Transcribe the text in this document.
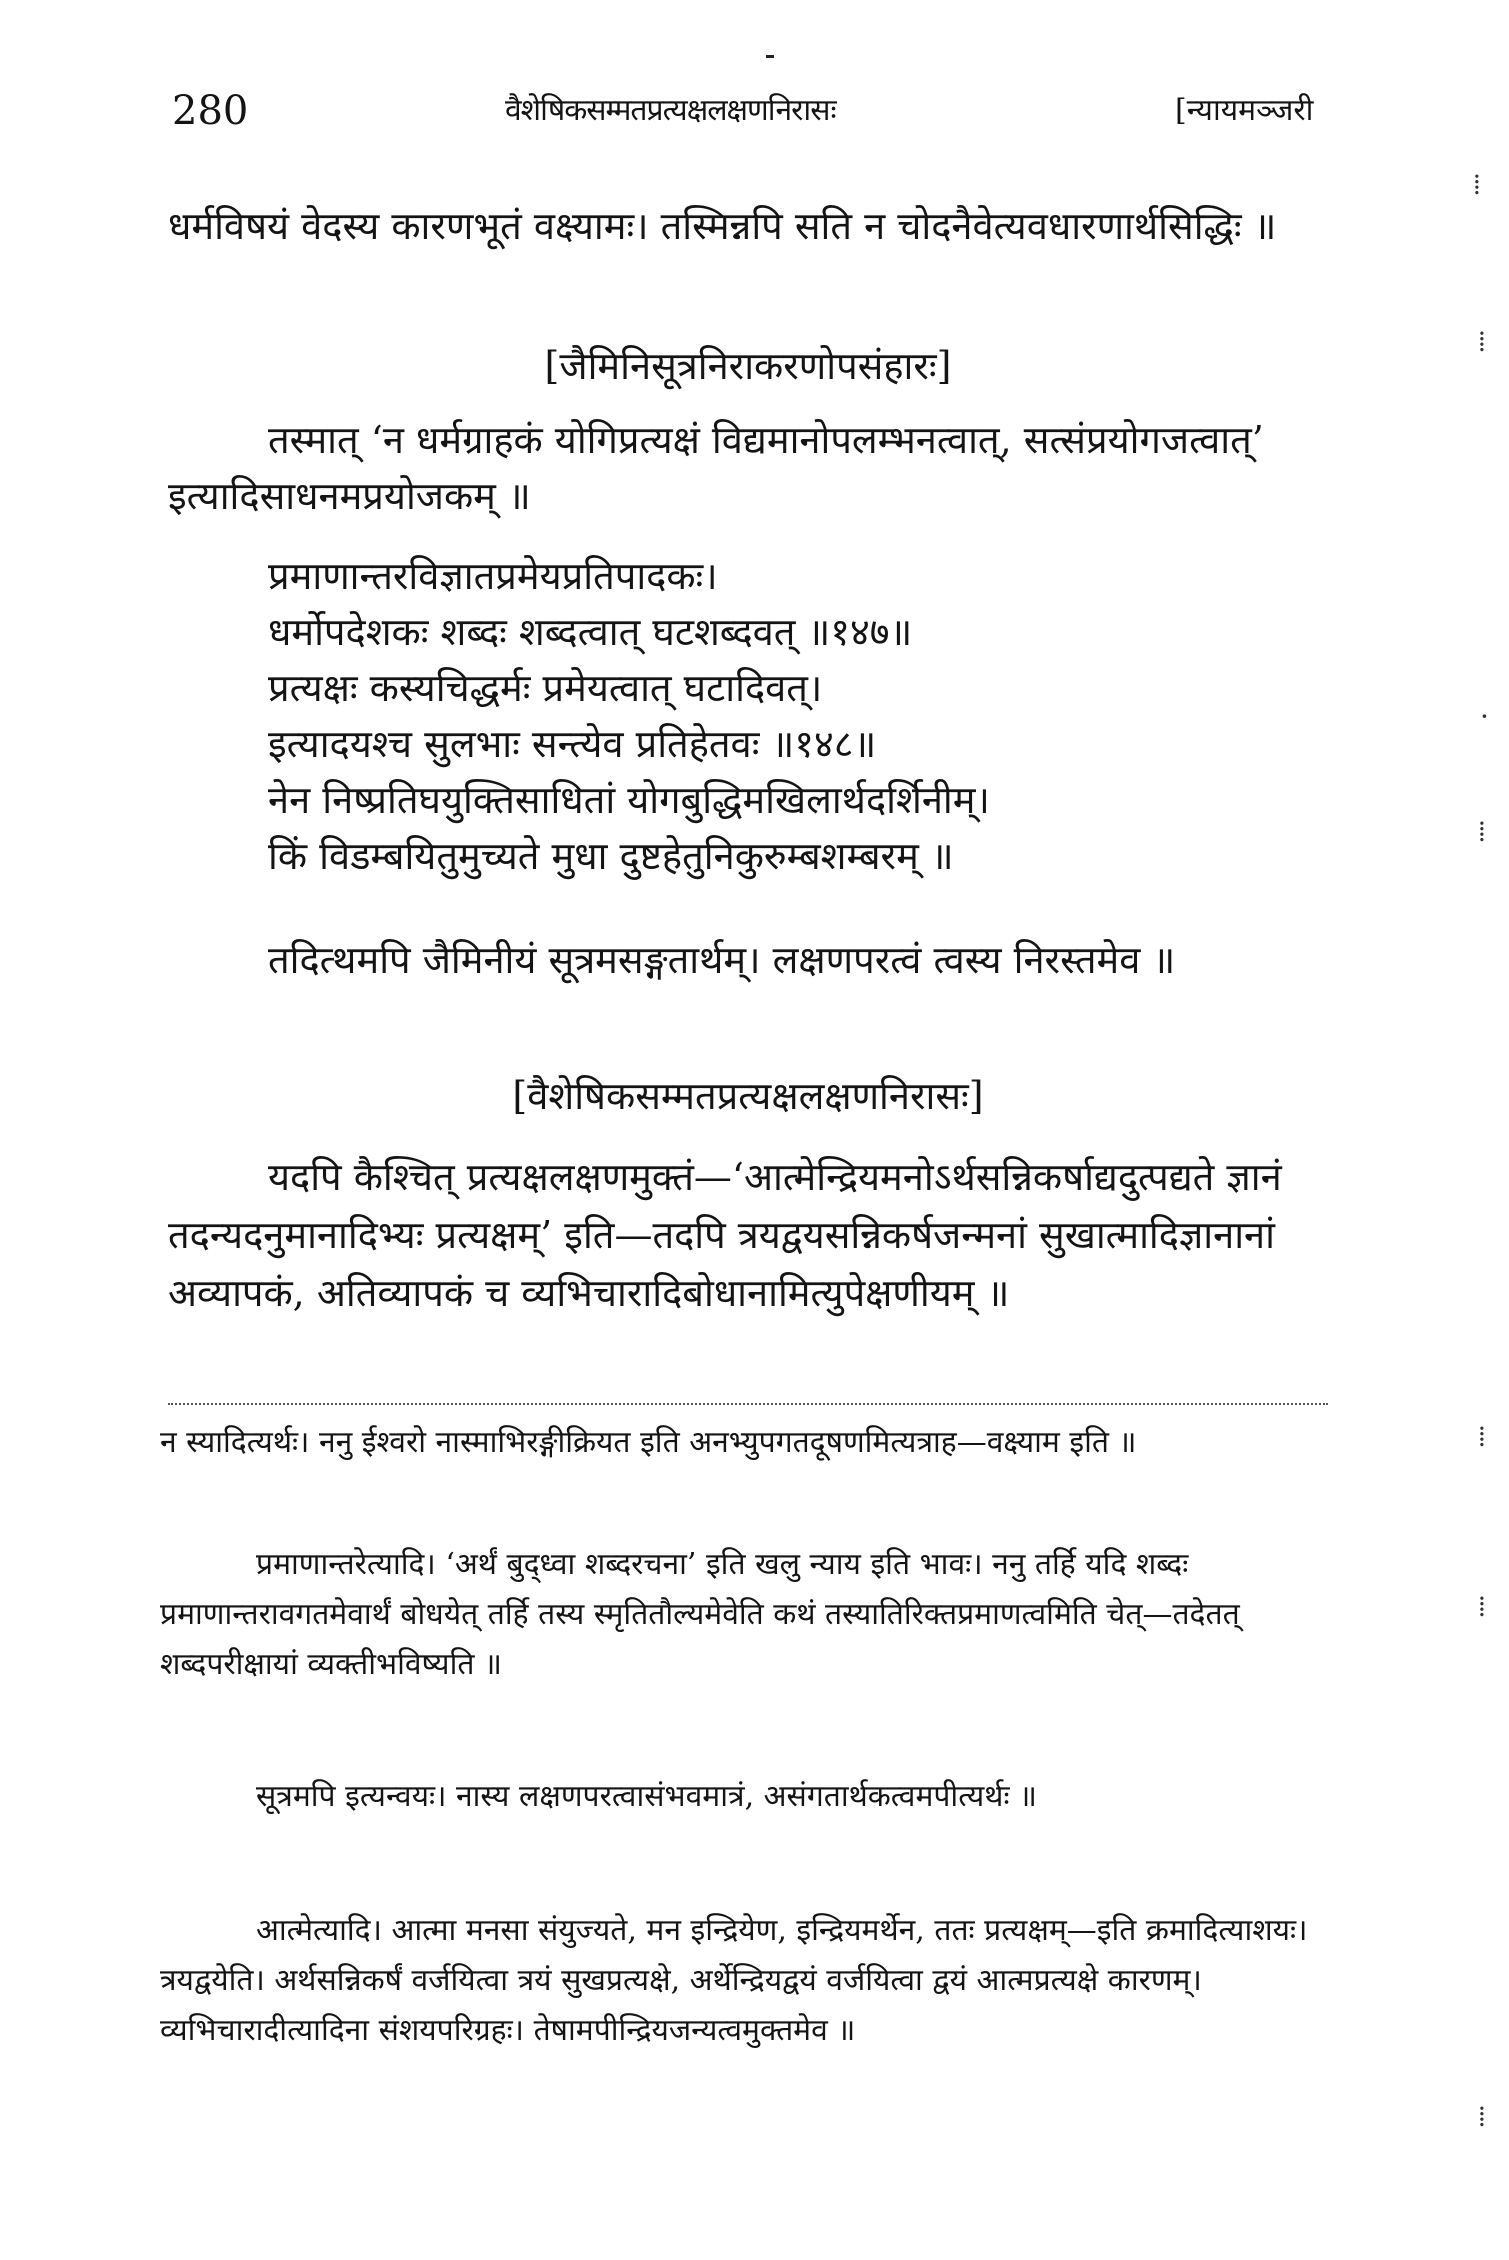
280	वैशेषिकसम्मतप्रत्यक्षलक्षणनिरासः	[न्यायमञ्जरी

धर्मविषयं वेदस्य कारणभूतं वक्ष्यामः। तस्मिन्नपि सति न चोदनैवेत्यवधारणार्थसिद्धिः ॥

[जैमिनिसूत्रनिराकरणोपसंहारः]

तस्मात् ‘न धर्मग्राहकं योगिप्रत्यक्षं विद्यमानोपलम्भनत्वात्, सत्संप्रयोगजत्वात्’ इत्यादिसाधनमप्रयोजकम् ॥

प्रमाणान्तरविज्ञातप्रमेयप्रतिपादकः।

धर्मोपदेशकः शब्दः शब्दत्वात् घटशब्दवत् ॥१४७॥

प्रत्यक्षः कस्यचिद्धर्मः प्रमेयत्वात् घटादिवत्।

इत्यादयश्च सुलभाः सन्त्येव प्रतिहेतवः ॥१४८॥

नेन निष्प्रतिघयुक्तिसाधितां योगबुद्धिमखिलार्थदर्शिनीम्।

किं विडम्बयितुमुच्यते मुधा दुष्टहेतुनिकुरुम्बशम्बरम् ॥

तदित्थमपि जैमिनीयं सूत्रमसङ्गतार्थम्। लक्षणपरत्वं त्वस्य निरस्तमेव ॥

[वैशेषिकसम्मतप्रत्यक्षलक्षणनिरासः]

यदपि कैश्चित् प्रत्यक्षलक्षणमुक्तं—‘आत्मेन्द्रियमनोऽर्थसन्निकर्षाद्यदुत्पद्यते ज्ञानं तदन्यदनुमानादिभ्यः प्रत्यक्षम्’ इति—तदपि त्रयद्वयसन्निकर्षजन्मनां सुखात्मादिज्ञानानां अव्यापकं, अतिव्यापकं च व्यभिचारादिबोधानामित्युपेक्षणीयम् ॥

न स्यादित्यर्थः। ननु ईश्वरो नास्माभिरङ्गीक्रियत इति अनभ्युपगतदूषणमित्यत्राह—वक्ष्याम इति ॥

प्रमाणान्तरेत्यादि। ‘अर्थं बुद्ध्वा शब्दरचना’ इति खलु न्याय इति भावः। ननु तर्हि यदि शब्दः प्रमाणान्तरावगतमेवार्थं बोधयेत् तर्हि तस्य स्मृतितौल्यमेवेति कथं तस्यातिरिक्तप्रमाणत्वमिति चेत्—तदेतत् शब्दपरीक्षायां व्यक्तीभविष्यति ॥

सूत्रमपि इत्यन्वयः। नास्य लक्षणपरत्वासंभवमात्रं, असंगतार्थकत्वमपीत्यर्थः ॥

आत्मेत्यादि। आत्मा मनसा संयुज्यते, मन इन्द्रियेण, इन्द्रियमर्थेन, ततः प्रत्यक्षम्—इति क्रमादित्याशयः। त्रयद्वयेति। अर्थसन्निकर्षं वर्जयित्वा त्रयं सुखप्रत्यक्षे, अर्थेन्द्रियद्वयं वर्जयित्वा द्वयं आत्मप्रत्यक्षे कारणम्। व्यभिचारादीत्यादिना संशयपरिग्रहः। तेषामपीन्द्रियजन्यत्वमुक्तमेव ॥

⁞
⁞
·
⁞
⁞
⁞
⁞
